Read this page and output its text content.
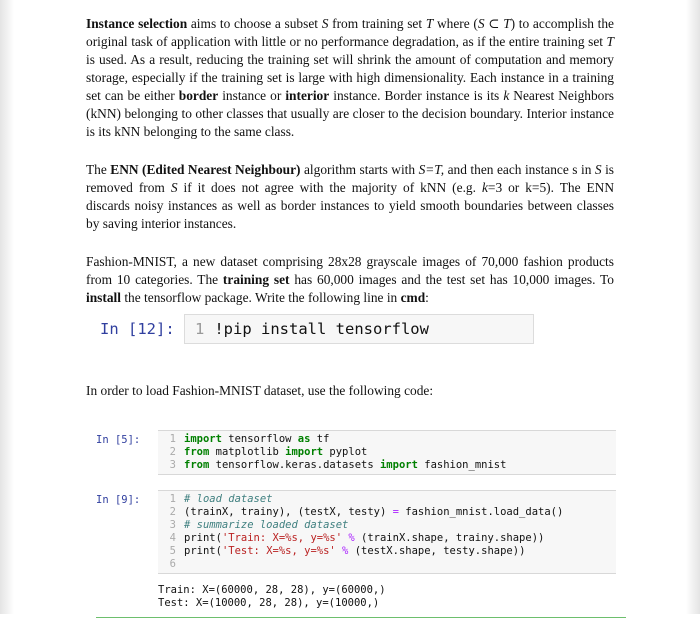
Instance selection aims to choose a subset S from training set T where (S ⊂ T) to accomplish the original task of application with little or no performance degradation, as if the entire training set T is used. As a result, reducing the training set will shrink the amount of computation and memory storage, especially if the training set is large with high dimensionality. Each instance in a training set can be either border instance or interior instance. Border instance is its k Nearest Neighbors (kNN) belonging to other classes that usually are closer to the decision boundary. Interior instance is its kNN belonging to the same class.

The ENN (Edited Nearest Neighbour) algorithm starts with S=T, and then each instance s in S is removed from S if it does not agree with the majority of kNN (e.g. k=3 or k=5). The ENN discards noisy instances as well as border instances to yield smooth boundaries between classes by saving interior instances.

Fashion-MNIST, a new dataset comprising 28x28 grayscale images of 70,000 fashion products from 10 categories. The training set has 60,000 images and the test set has 10,000 images. To install the tensorflow package. Write the following line in cmd:

In [12]:	1 !pip install tensorflow

In order to load Fashion-MNIST dataset, use the following code:

In [5]:	1 import tensorflow as tf
2 from matplotlib import pyplot
3 from tensorflow.keras.datasets import fashion_mnist
In [9]:	1 # load dataset
2 (trainX, trainy), (testX, testy) = fashion_mnist.load_data()
3 # summarize loaded dataset
4 print( 'Train: X=%s, y=%s' % (trainX.shape, trainy.shape))
5 print( 'Test: X=%s, y=%s' % (testX.shape, testy.shape))
6
Train: X=(60000, 28, 28), y=(60000,)
Test: X=(10000, 28, 28), y=(10000,)
